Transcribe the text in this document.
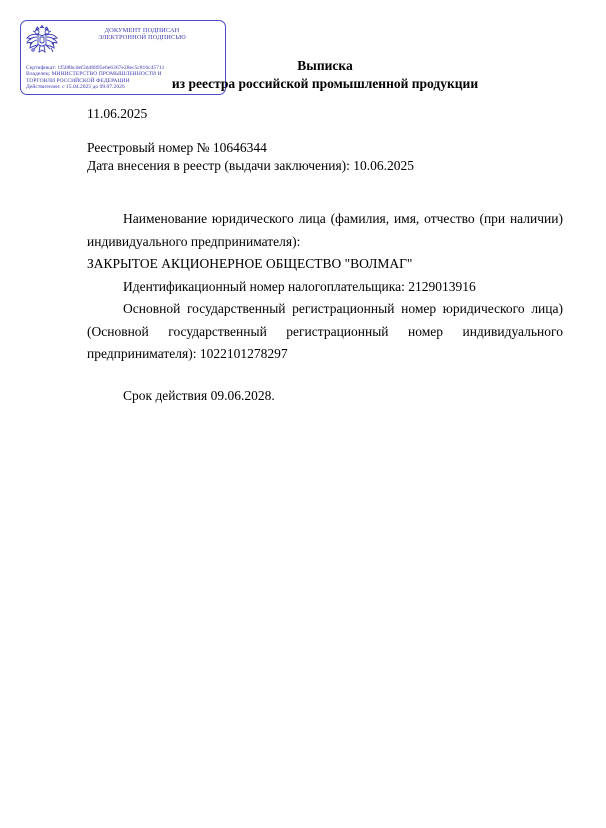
ДОКУМЕНТ ПОДПИСАН
ЭЛЕКТРОННОЙ ПОДПИСЬЮ
Сертификат: 1f508bcdef3d48895e6e6367e28ec5c816c45711
Владелец: МИНИСТЕРСТВО ПРОМЫШЛЕННОСТИ И
ТОРГОВЛИ РОССИЙСКОЙ ФЕДЕРАЦИИ
Действителен: с 15.04.2025 до 09.07.2026
Выписка
из реестра российской промышленной продукции
11.06.2025
Реестровый номер № 10646344
Дата внесения в реестр (выдачи заключения): 10.06.2025

Наименование юридического лица (фамилия, имя, отчество (при наличии) индивидуального предпринимателя):

ЗАКРЫТОЕ АКЦИОНЕРНОЕ ОБЩЕСТВО "ВОЛМАГ"

Идентификационный номер налогоплательщика: 2129013916

Основной государственный регистрационный номер юридического лица) (Основной государственный регистрационный номер индивидуального предпринимателя): 1022101278297

Срок действия 09.06.2028.
